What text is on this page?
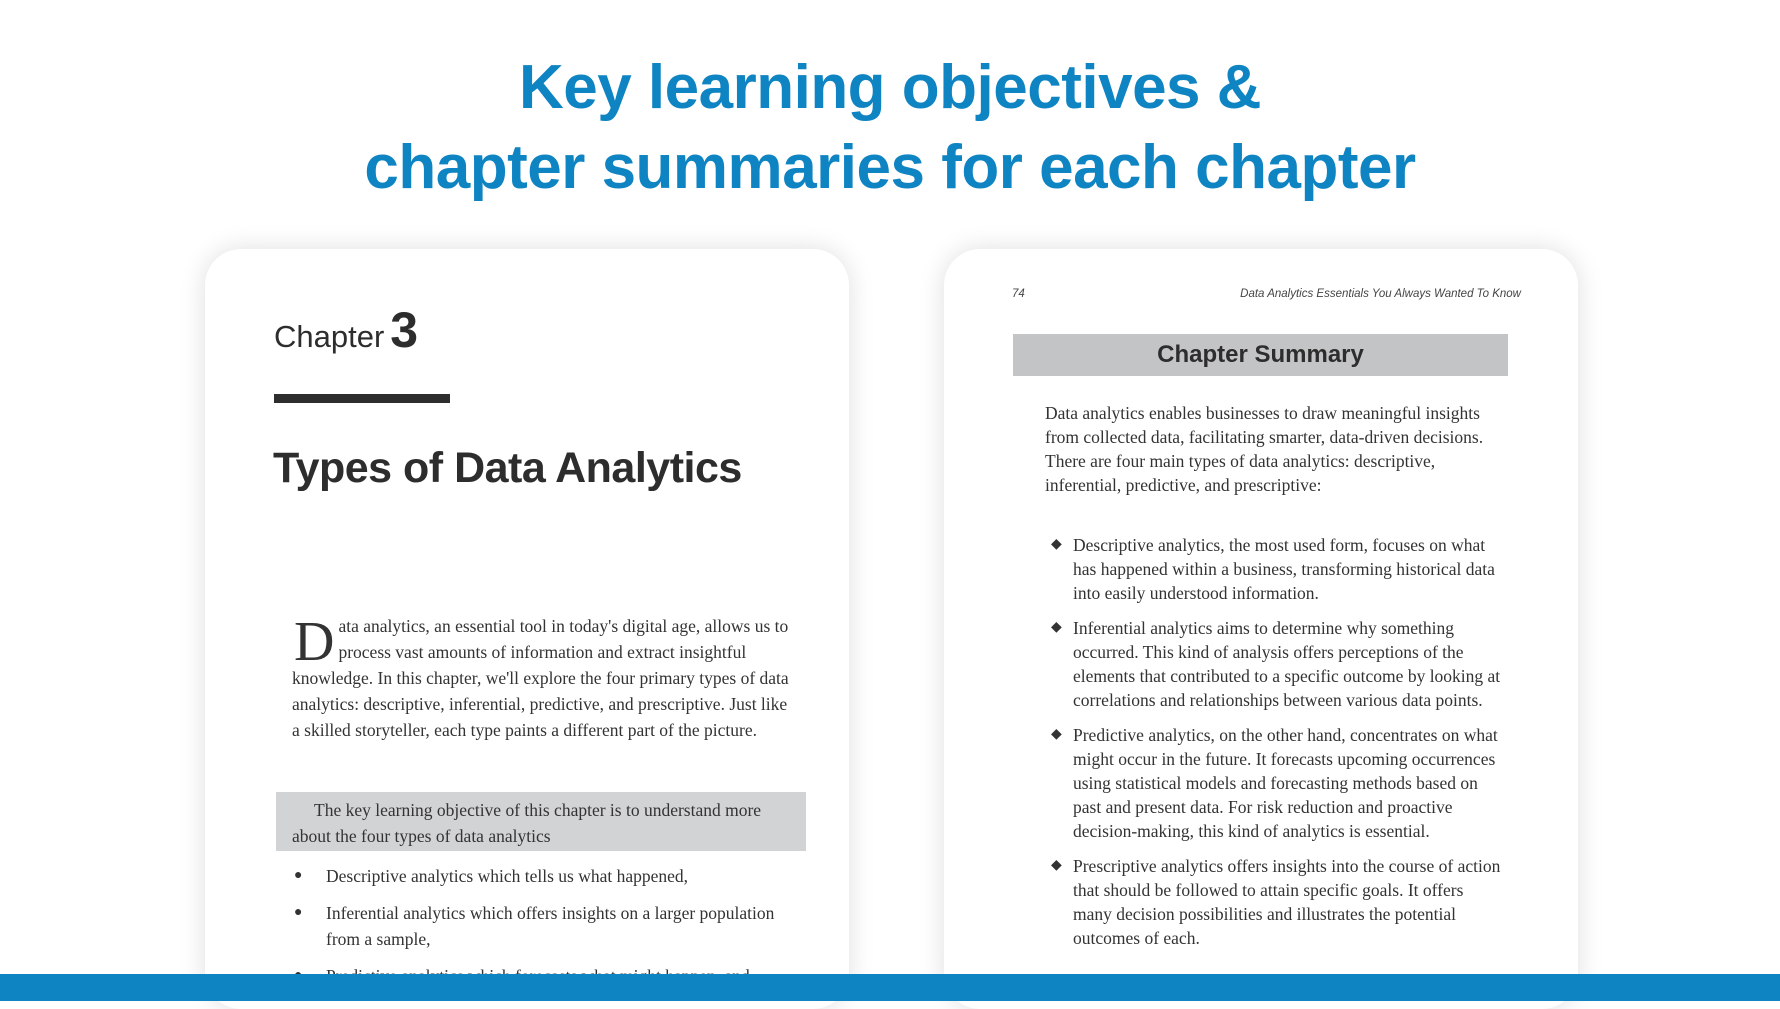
Key learning objectives &
chapter summaries for each chapter
Chapter 3
Types of Data Analytics
Data analytics, an essential tool in today's digital age, allows us to process vast amounts of information and extract insightful knowledge. In this chapter, we'll explore the four primary types of data analytics: descriptive, inferential, predictive, and prescriptive. Just like a skilled storyteller, each type paints a different part of the picture.
The key learning objective of this chapter is to understand more about the four types of data analytics
● Descriptive analytics which tells us what happened,
● Inferential analytics which offers insights on a larger population from a sample,
74	Data Analytics Essentials You Always Wanted To Know
Chapter Summary
Data analytics enables businesses to draw meaningful insights from collected data, facilitating smarter, data-driven decisions. There are four main types of data analytics: descriptive, inferential, predictive, and prescriptive:
◆ Descriptive analytics, the most used form, focuses on what has happened within a business, transforming historical data into easily understood information.
◆ Inferential analytics aims to determine why something occurred. This kind of analysis offers perceptions of the elements that contributed to a specific outcome by looking at correlations and relationships between various data points.
◆ Predictive analytics, on the other hand, concentrates on what might occur in the future. It forecasts upcoming occurrences using statistical models and forecasting methods based on past and present data. For risk reduction and proactive decision-making, this kind of analytics is essential.
◆ Prescriptive analytics offers insights into the course of action that should be followed to attain specific goals. It offers many decision possibilities and illustrates the potential outcomes of each.
